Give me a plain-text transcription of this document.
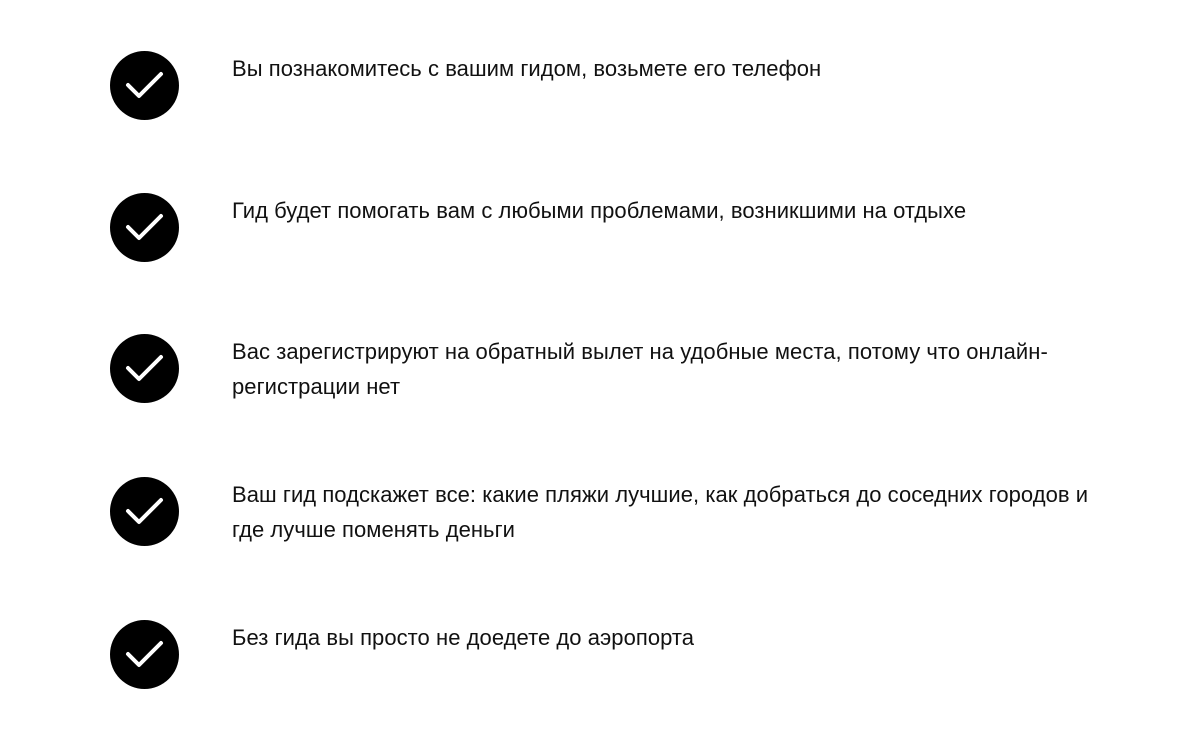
Вы познакомитесь с вашим гидом, возьмете его телефон

Гид будет помогать вам с любыми проблемами, возникшими на отдыхе

Вас зарегистрируют на обратный вылет на удобные места, потому что онлайн-регистрации нет

Ваш гид подскажет все: какие пляжи лучшие, как добраться до соседних городов и где лучше поменять деньги

Без гида вы просто не доедете до аэропорта
